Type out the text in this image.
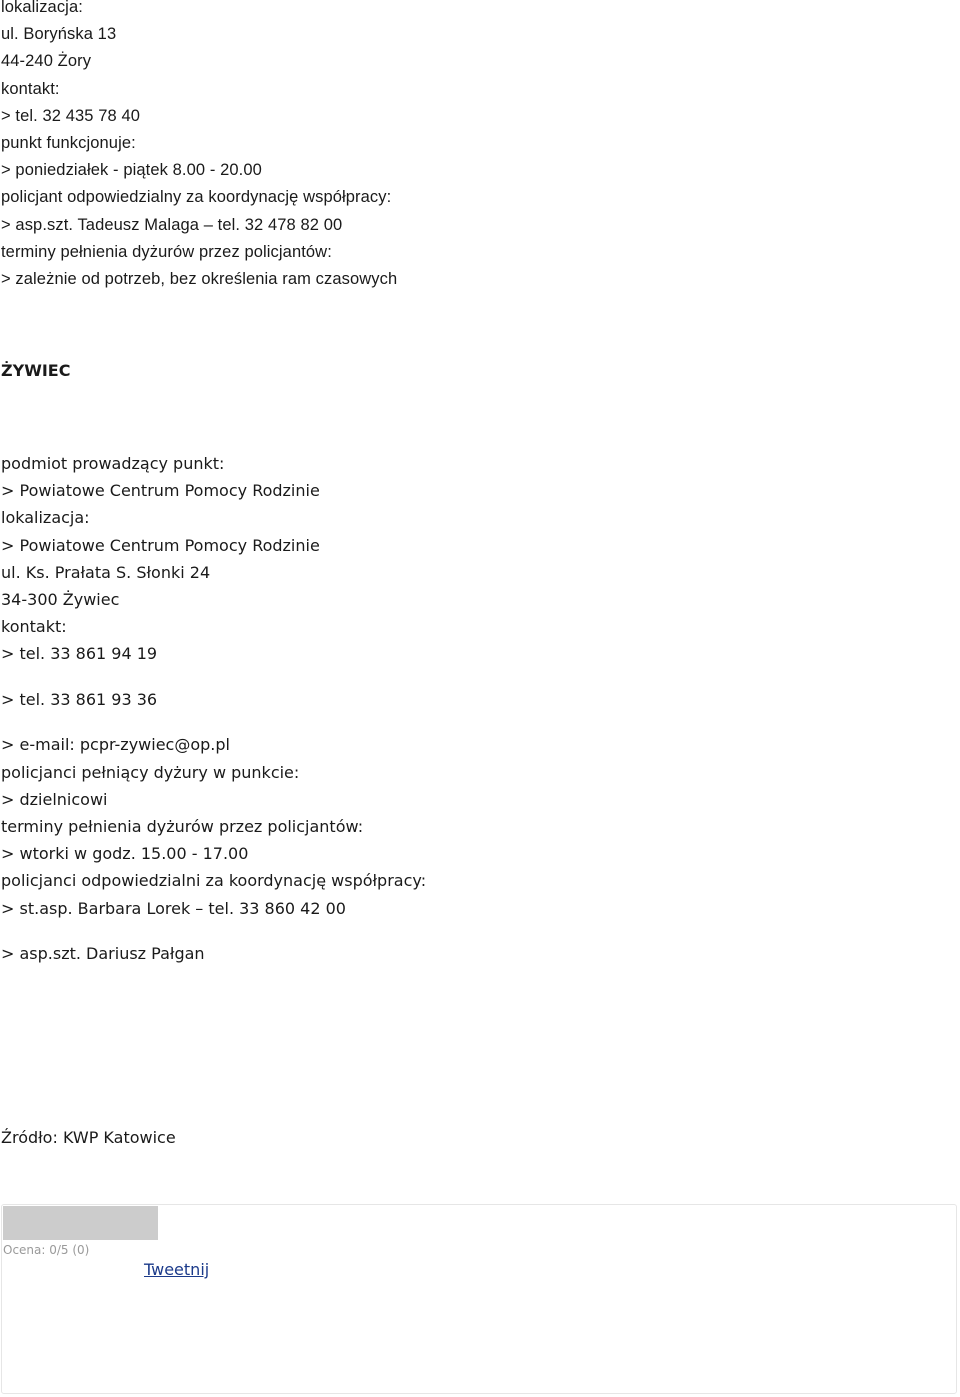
lokalizacja:
ul. Boryńska 13
44-240 Żory
kontakt:
> tel. 32 435 78 40
punkt funkcjonuje:
> poniedziałek - piątek 8.00 - 20.00
policjant odpowiedzialny za koordynację współpracy:
> asp.szt. Tadeusz Malaga – tel. 32 478 82 00
terminy pełnienia dyżurów przez policjantów:
> zależnie od potrzeb, bez określenia ram czasowych
ŻYWIEC
podmiot prowadzący punkt:
> Powiatowe Centrum Pomocy Rodzinie
lokalizacja:
> Powiatowe Centrum Pomocy Rodzinie
ul. Ks. Prałata S. Słonki 24
34-300 Żywiec
kontakt:
> tel. 33 861 94 19
> tel. 33 861 93 36
> e-mail: pcpr-zywiec@op.pl
policjanci pełniący dyżury w punkcie:
> dzielnicowi
terminy pełnienia dyżurów przez policjantów:
> wtorki w godz. 15.00 - 17.00
policjanci odpowiedzialni za koordynację współpracy:
> st.asp. Barbara Lorek – tel. 33 860 42 00
> asp.szt. Dariusz Pałgan
Źródło: KWP Katowice
Ocena: 0/5 (0)
Tweetnij
